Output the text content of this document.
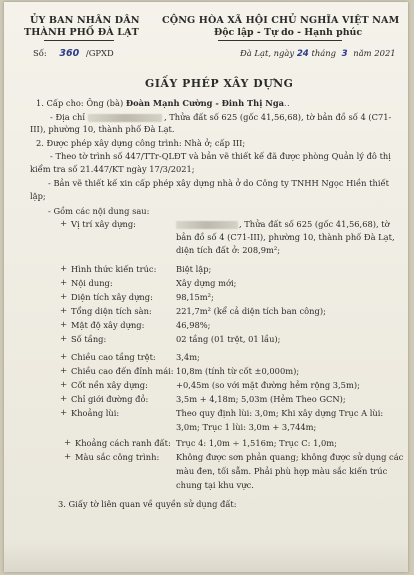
ỦY BAN NHÂN DÂN
THÀNH PHỐ ĐÀ LẠT
CỘNG HÒA XÃ HỘI CHỦ NGHĨA VIỆT NAM
Độc lập - Tự do - Hạnh phúc
Số: 360 /GPXD	Đà Lạt, ngày 24 tháng 3 năm 2021
GIẤY PHÉP XÂY DỰNG
1. Cấp cho: Ông (bà) Đoàn Mạnh Cường - Đinh Thị Nga..
- Địa chỉ	, Thửa đất số 625 (gốc 41,56,68), tờ bản đồ số 4 (C71-
III), phường 10, thành phố Đà Lạt.
2. Được phép xây dựng công trình: Nhà ở; cấp III;
- Theo tờ trình số 447/TTr-QLĐT và bản vẽ thiết kế đã được phòng Quản lý đô thị
kiểm tra số 21.447/KT ngày 17/3/2021;
- Bản vẽ thiết kế xin cấp phép xây dựng nhà ở do Công ty TNHH Ngọc Hiền thiết
lập;
- Gồm các nội dung sau:
+ Vị trí xây dựng:	, Thửa đất số 625 (gốc 41,56,68), tờ
bản đồ số 4 (C71-III), phường 10, thành phố Đà Lạt,
diện tích đất ở: 208,9m²;
+ Hình thức kiến trúc: Biệt lập;
+ Nội dung:	Xây dựng mới;
+ Diện tích xây dựng:	98,15m²;
+ Tổng diện tích sàn:	221,7m² (kể cả diện tích ban công);
+ Mật độ xây dựng:	46,98%;
+ Số tầng:	02 tầng (01 trệt, 01 lầu);
+ Chiều cao tầng trệt: 3,4m;
+ Chiều cao đến đỉnh mái: 10,8m (tính từ cốt ±0,000m);
+ Cốt nền xây dựng:	+0,45m (so với mặt đường hẻm rộng 3,5m);
+ Chỉ giới đường đỏ:	3,5m + 4,18m; 5,03m (Hẻm Theo GCN);
+ Khoảng lùi:	Theo quy định lùi: 3,0m; Khi xây dựng Trục A lùi:
3,0m; Trục 1 lùi: 3,0m + 3,744m;
+ Khoảng cách ranh đất: Trục 4: 1,0m ÷ 1,516m; Trục C: 1,0m;
+ Màu sắc công trình: Không được sơn phản quang; không được sử dụng các
màu đen, tối sẫm. Phải phù hợp màu sắc kiến trúc
chung tại khu vực.
3. Giấy tờ liên quan về quyền sử dụng đất:
